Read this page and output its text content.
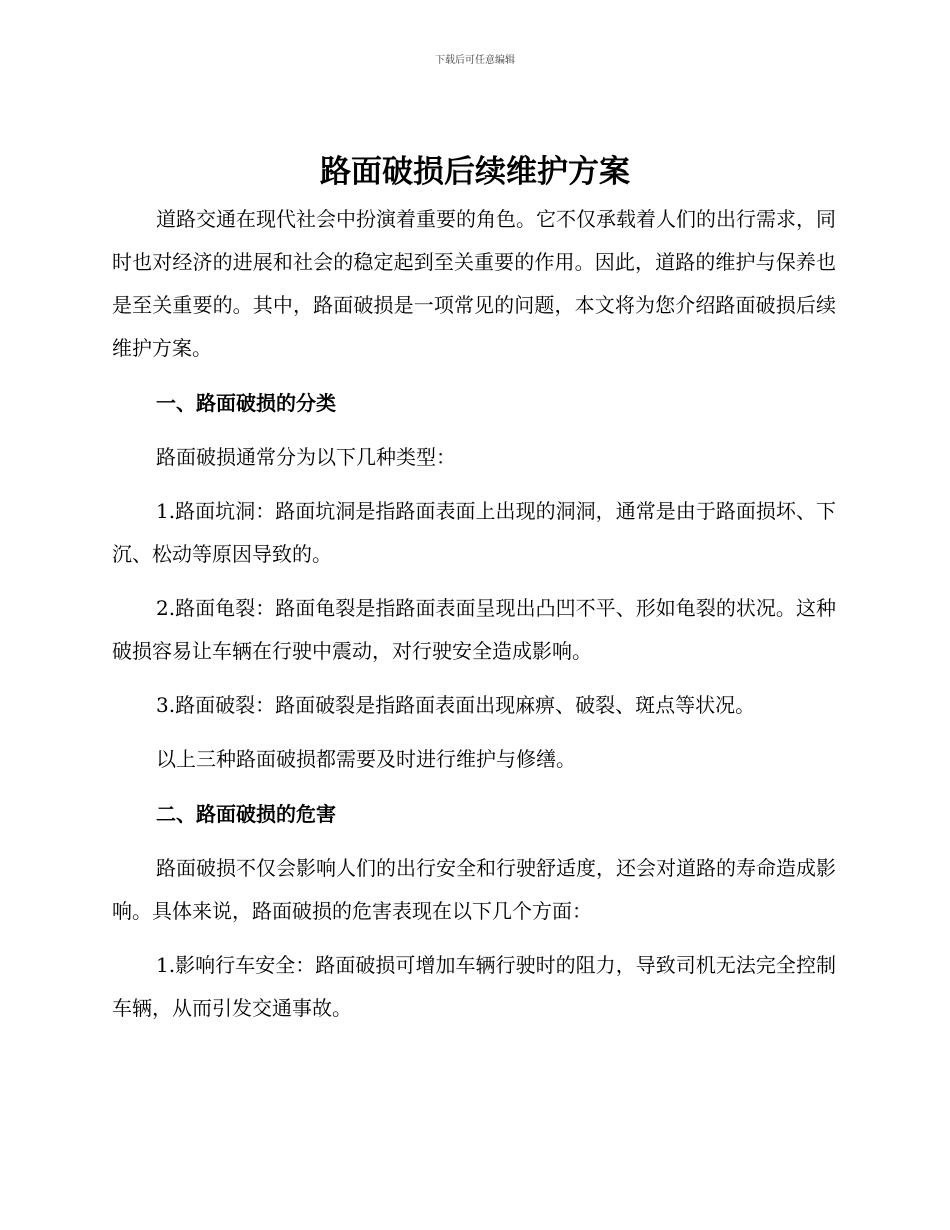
下载后可任意编辑
路面破损后续维护方案

道路交通在现代社会中扮演着重要的角色。它不仅承载着人们的出行需求，同时也对经济的进展和社会的稳定起到至关重要的作用。因此，道路的维护与保养也是至关重要的。其中，路面破损是一项常见的问题，本文将为您介绍路面破损后续维护方案。

一、路面破损的分类

路面破损通常分为以下几种类型：

1.路面坑洞：路面坑洞是指路面表面上出现的洞洞，通常是由于路面损坏、下沉、松动等原因导致的。

2.路面龟裂：路面龟裂是指路面表面呈现出凸凹不平、形如龟裂的状况。这种破损容易让车辆在行驶中震动，对行驶安全造成影响。

3.路面破裂：路面破裂是指路面表面出现麻痹、破裂、斑点等状况。

以上三种路面破损都需要及时进行维护与修缮。

二、路面破损的危害

路面破损不仅会影响人们的出行安全和行驶舒适度，还会对道路的寿命造成影响。具体来说，路面破损的危害表现在以下几个方面：

1.影响行车安全：路面破损可增加车辆行驶时的阻力，导致司机无法完全控制车辆，从而引发交通事故。
